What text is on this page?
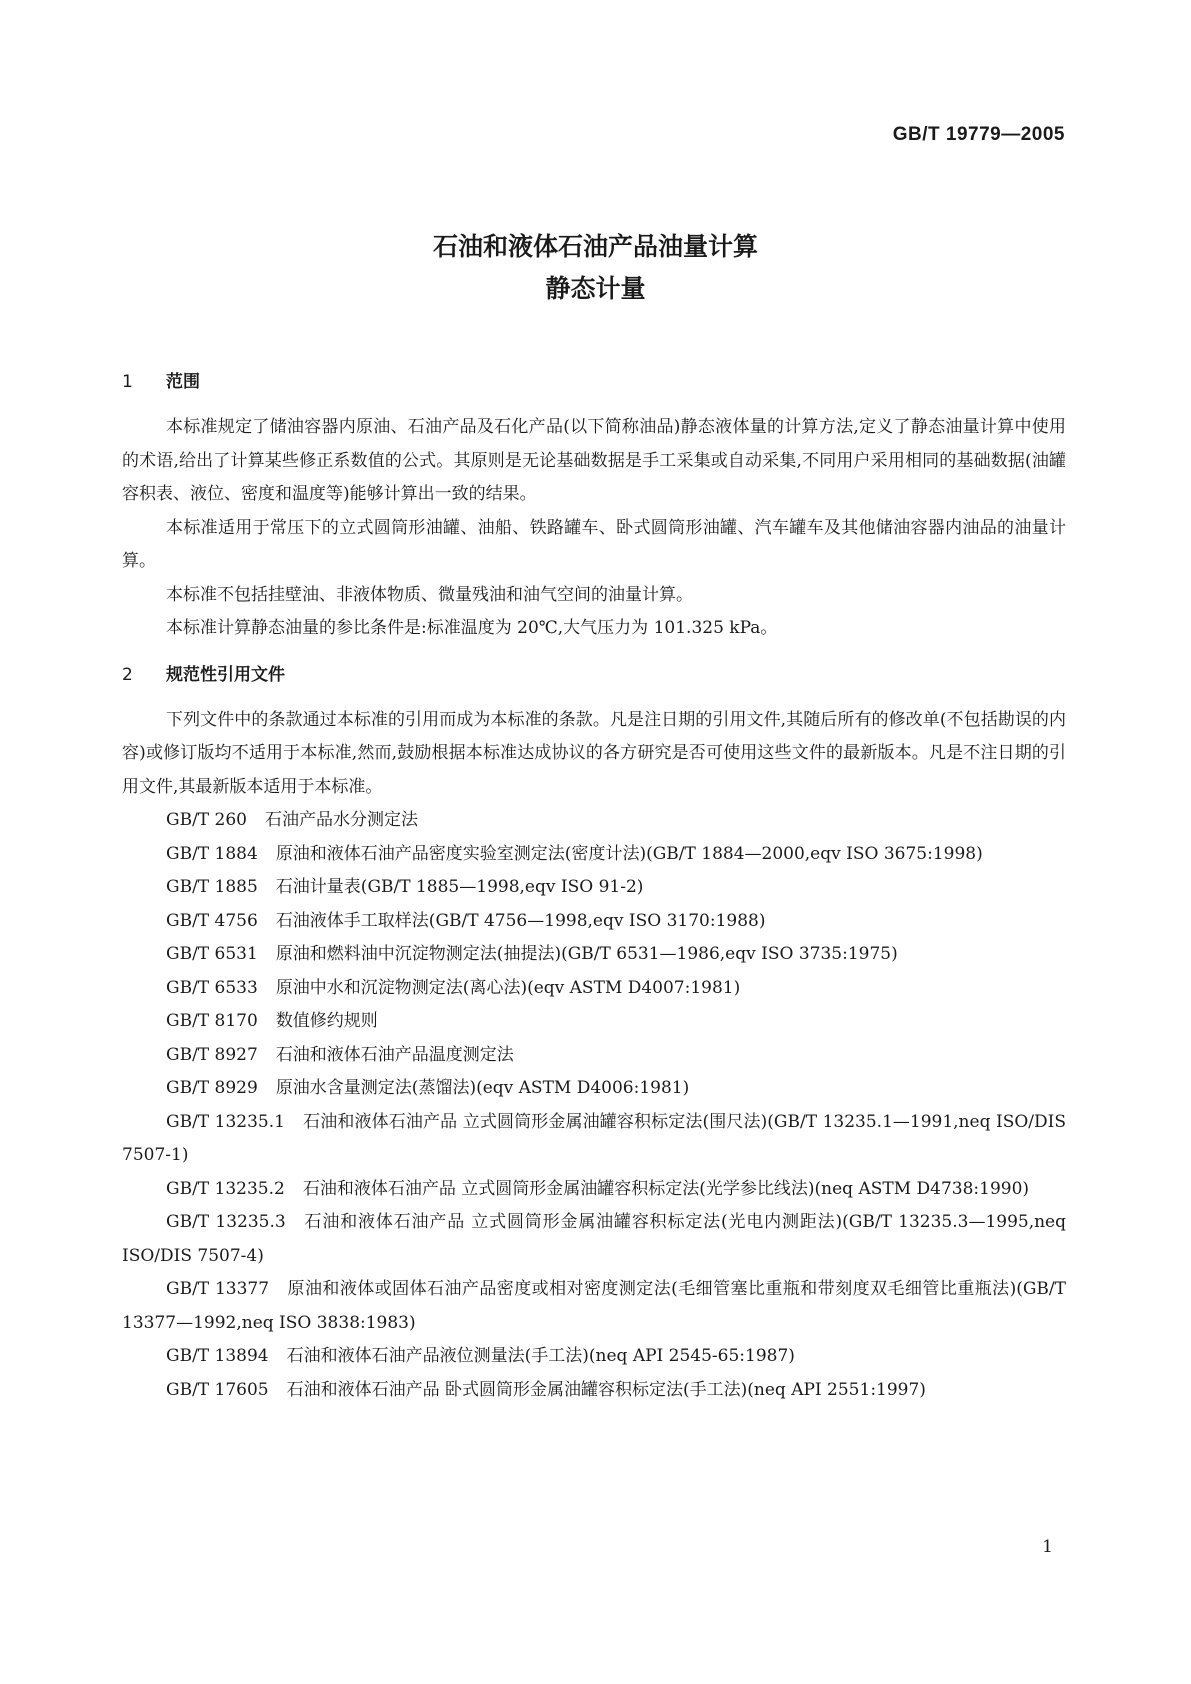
GB/T 19779—2005
石油和液体石油产品油量计算
静态计量
1 范围

本标准规定了储油容器内原油、石油产品及石化产品(以下简称油品)静态液体量的计算方法,定义了静态油量计算中使用的术语,给出了计算某些修正系数值的公式。其原则是无论基础数据是手工采集或自动采集,不同用户采用相同的基础数据(油罐容积表、液位、密度和温度等)能够计算出一致的结果。

本标准适用于常压下的立式圆筒形油罐、油船、铁路罐车、卧式圆筒形油罐、汽车罐车及其他储油容器内油品的油量计算。

本标准不包括挂壁油、非液体物质、微量残油和油气空间的油量计算。

本标准计算静态油量的参比条件是:标准温度为 20℃,大气压力为 101.325 kPa。

2 规范性引用文件

下列文件中的条款通过本标准的引用而成为本标准的条款。凡是注日期的引用文件,其随后所有的修改单(不包括勘误的内容)或修订版均不适用于本标准,然而,鼓励根据本标准达成协议的各方研究是否可使用这些文件的最新版本。凡是不注日期的引用文件,其最新版本适用于本标准。

GB/T 260 石油产品水分测定法

GB/T 1884 原油和液体石油产品密度实验室测定法(密度计法)(GB/T 1884—2000,eqv ISO 3675:1998)

GB/T 1885 石油计量表(GB/T 1885—1998,eqv ISO 91-2)

GB/T 4756 石油液体手工取样法(GB/T 4756—1998,eqv ISO 3170:1988)

GB/T 6531 原油和燃料油中沉淀物测定法(抽提法)(GB/T 6531—1986,eqv ISO 3735:1975)

GB/T 6533 原油中水和沉淀物测定法(离心法)(eqv ASTM D4007:1981)

GB/T 8170 数值修约规则

GB/T 8927 石油和液体石油产品温度测定法

GB/T 8929 原油水含量测定法(蒸馏法)(eqv ASTM D4006:1981)

GB/T 13235.1 石油和液体石油产品 立式圆筒形金属油罐容积标定法(围尺法)(GB/T 13235.1—1991,neq ISO/DIS 7507-1)

GB/T 13235.2 石油和液体石油产品 立式圆筒形金属油罐容积标定法(光学参比线法)(neq ASTM D4738:1990)

GB/T 13235.3 石油和液体石油产品 立式圆筒形金属油罐容积标定法(光电内测距法)(GB/T 13235.3—1995,neq ISO/DIS 7507-4)

GB/T 13377 原油和液体或固体石油产品密度或相对密度测定法(毛细管塞比重瓶和带刻度双毛细管比重瓶法)(GB/T 13377—1992,neq ISO 3838:1983)

GB/T 13894 石油和液体石油产品液位测量法(手工法)(neq API 2545-65:1987)

GB/T 17605 石油和液体石油产品 卧式圆筒形金属油罐容积标定法(手工法)(neq API 2551:1997)

1
